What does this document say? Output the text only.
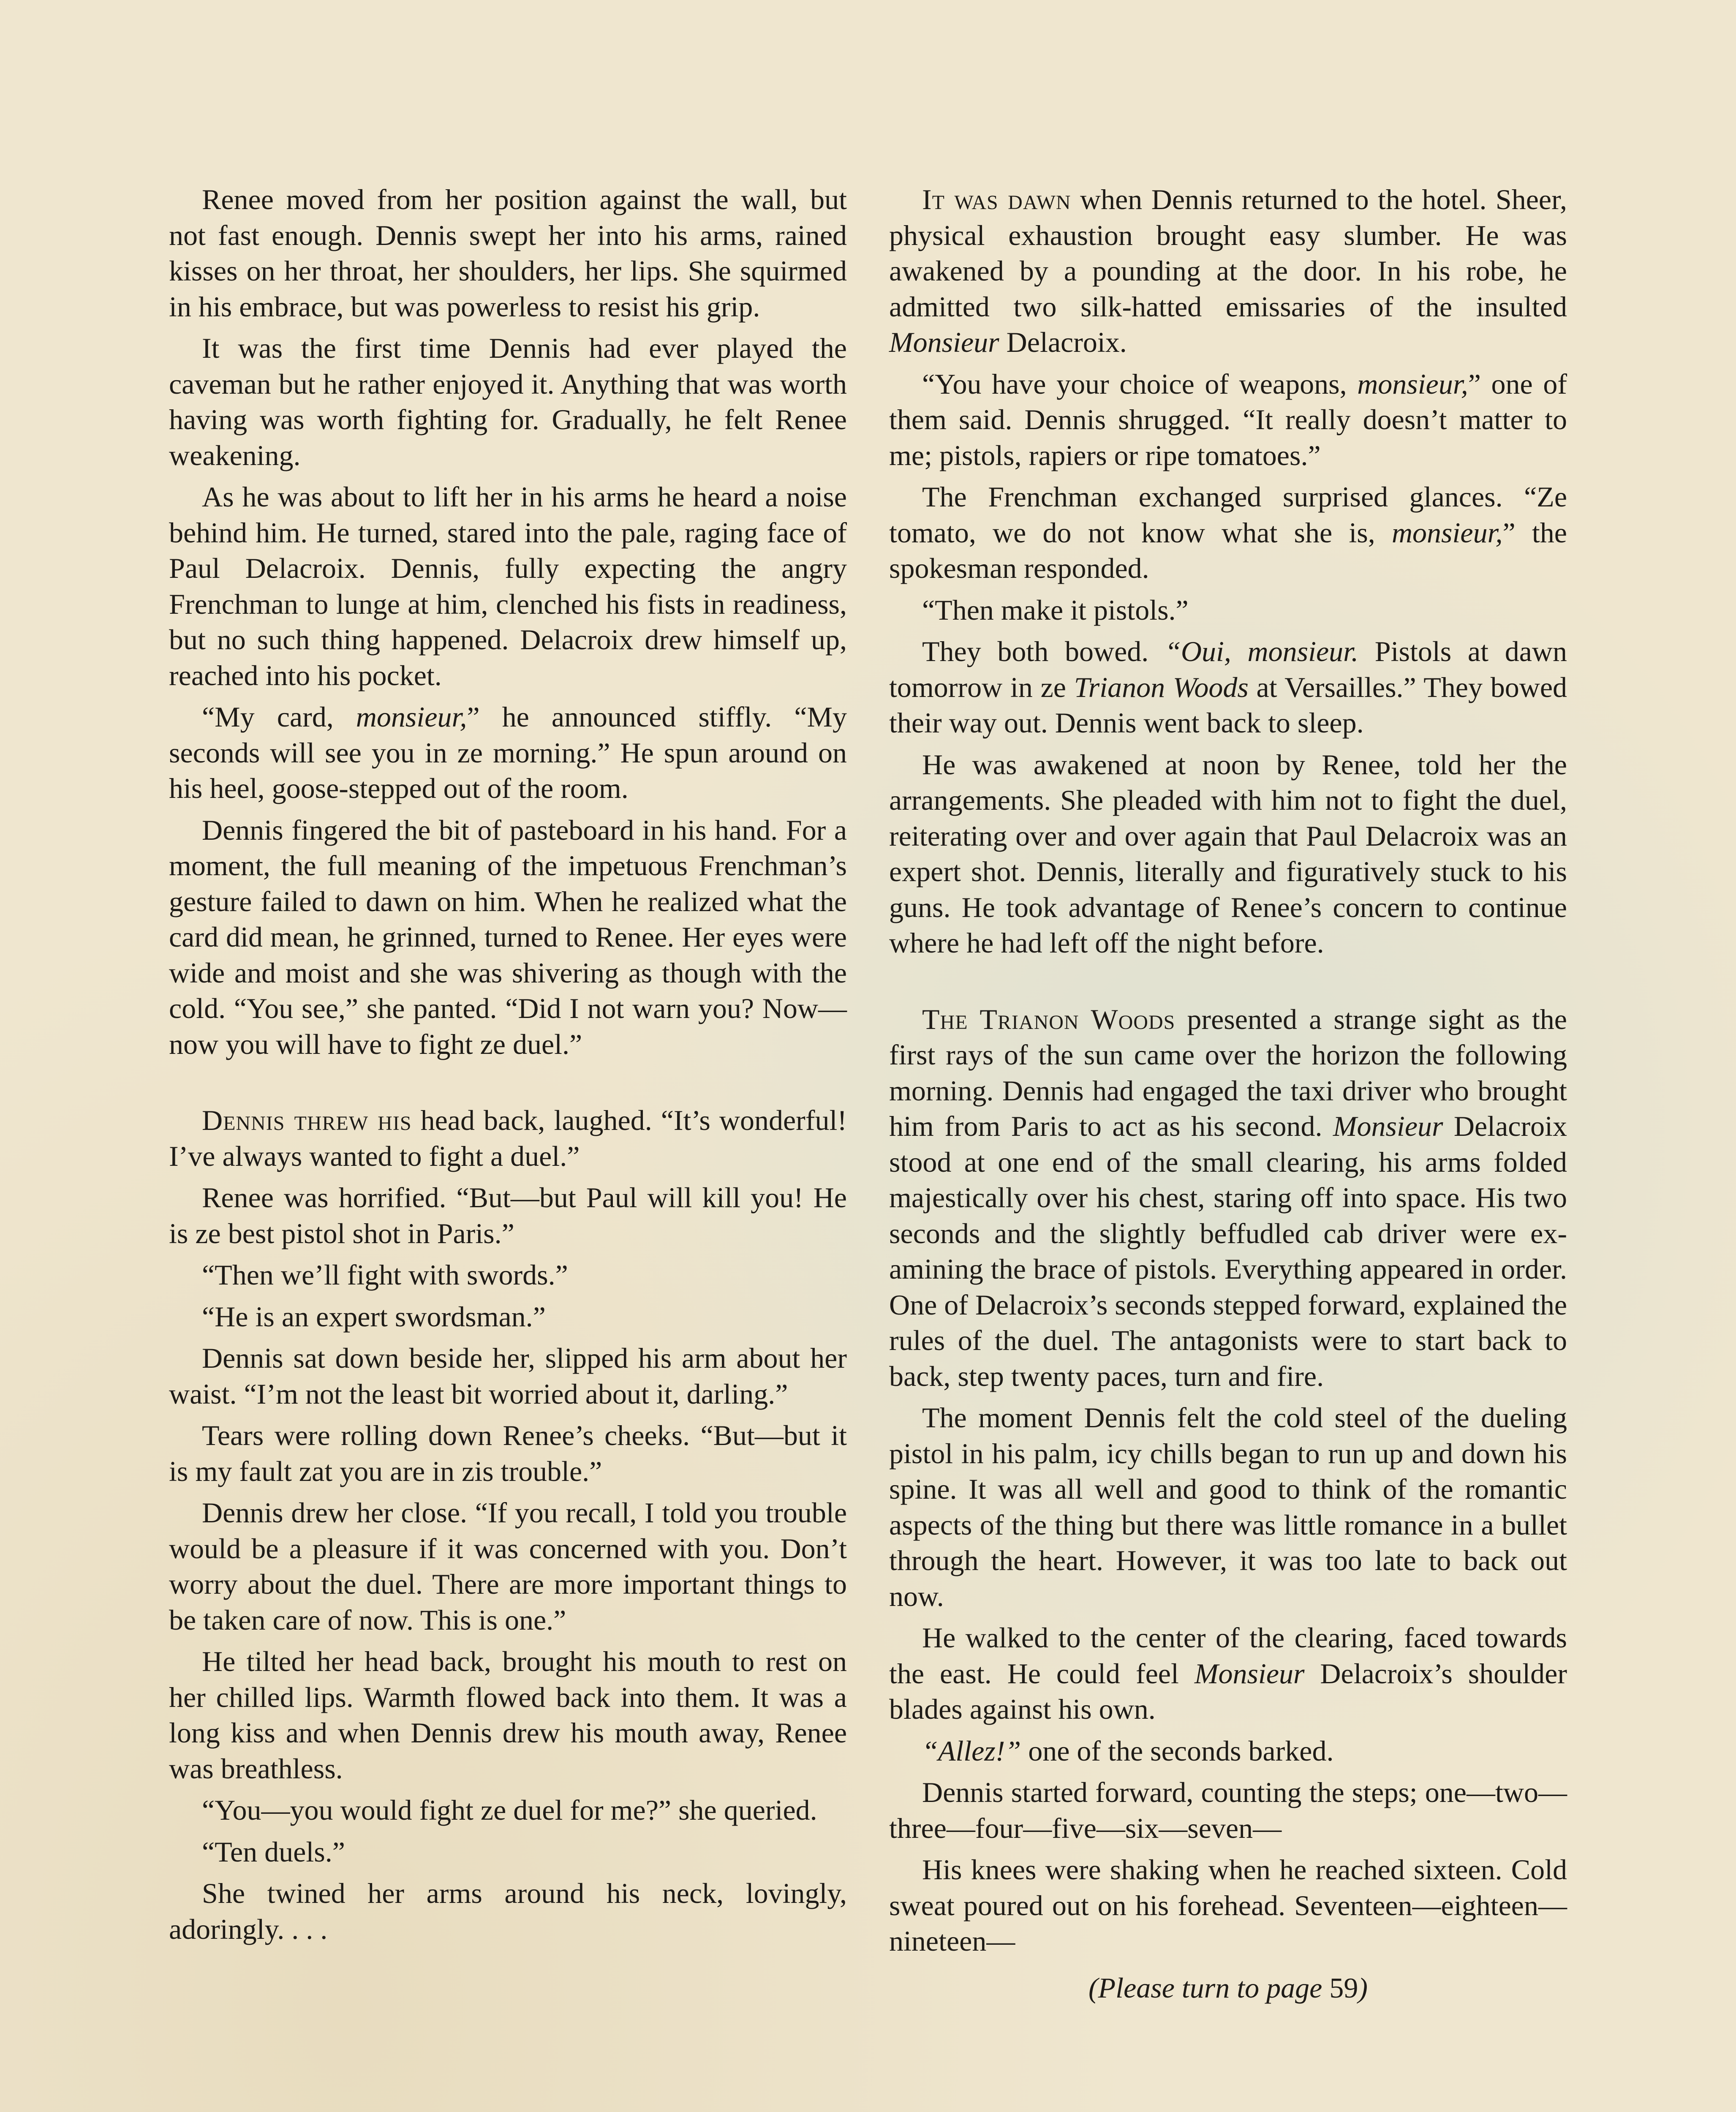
Renee moved from her position against the wall, but not fast enough. Dennis swept her into his arms, rained kisses on her throat, her shoulders, her lips. She squirmed in his embrace, but was powerless to resist his grip.

It was the first time Dennis had ever played the caveman but he rather enjoyed it. Anything that was worth having was worth fighting for. Gradually, he felt Renee weakening.

As he was about to lift her in his arms he heard a noise behind him. He turned, stared into the pale, raging face of Paul Delacroix. Dennis, fully expecting the angry Frenchman to lunge at him, clenched his fists in readiness, but no such thing happened. Delacroix drew himself up, reached into his pocket.

“My card, monsieur,” he announced stiffly. “My seconds will see you in ze morning.” He spun around on his heel, goose-stepped out of the room.

Dennis fingered the bit of pasteboard in his hand. For a moment, the full meaning of the impetuous Frenchman’s gesture failed to dawn on him. When he realized what the card did mean, he grinned, turned to Renee. Her eyes were wide and moist and she was shivering as though with the cold. “You see,” she panted. “Did I not warn you? Now—now you will have to fight ze duel.”

Dennis threw his head back, laughed. “It’s wonderful! I’ve always wanted to fight a duel.”

Renee was horrified. “But—but Paul will kill you! He is ze best pistol shot in Paris.”

“Then we’ll fight with swords.”

“He is an expert swordsman.”

Dennis sat down beside her, slipped his arm about her waist. “I’m not the least bit worried about it, darling.”

Tears were rolling down Renee’s cheeks. “But—but it is my fault zat you are in zis trouble.”

Dennis drew her close. “If you recall, I told you trouble would be a pleasure if it was concerned with you. Don’t worry about the duel. There are more important things to be taken care of now. This is one.”

He tilted her head back, brought his mouth to rest on her chilled lips. Warmth flowed back into them. It was a long kiss and when Dennis drew his mouth away, Renee was breathless.

“You—you would fight ze duel for me?” she queried.

“Ten duels.”

She twined her arms around his neck, lovingly, adoringly. . . .

It was dawn when Dennis returned to the hotel. Sheer, physical exhaustion brought easy slumber. He was awakened by a pounding at the door. In his robe, he admitted two silk-hatted emissaries of the insulted Monsieur Delacroix.

“You have your choice of weapons, monsieur,” one of them said. Dennis shrugged. “It really doesn’t matter to me; pistols, rapiers or ripe tomatoes.”

The Frenchman exchanged surprised glances. “Ze tomato, we do not know what she is, monsieur,” the spokesman responded.

“Then make it pistols.”

They both bowed. “Oui, monsieur. Pistols at dawn tomorrow in ze Trianon Woods at Versailles.” They bowed their way out. Dennis went back to sleep.

He was awakened at noon by Renee, told her the arrangements. She pleaded with him not to fight the duel, reiterating over and over again that Paul Delacroix was an expert shot. Dennis, literally and figuratively stuck to his guns. He took advantage of Renee’s concern to continue where he had left off the night before.

The Trianon Woods presented a strange sight as the first rays of the sun came over the horizon the following morning. Dennis had engaged the taxi driver who brought him from Paris to act as his second. Monsieur Delacroix stood at one end of the small clearing, his arms folded majestically over his chest, staring off into space. His two seconds and the slightly beffudled cab driver were examining the brace of pistols. Everything appeared in order. One of Delacroix’s seconds stepped forward, explained the rules of the duel. The antagonists were to start back to back, step twenty paces, turn and fire.

The moment Dennis felt the cold steel of the dueling pistol in his palm, icy chills began to run up and down his spine. It was all well and good to think of the romantic aspects of the thing but there was little romance in a bullet through the heart. However, it was too late to back out now.

He walked to the center of the clearing, faced towards the east. He could feel Monsieur Delacroix’s shoulder blades against his own.

“Allez!” one of the seconds barked.

Dennis started forward, counting the steps; one—two—three—four—five—six—seven—

His knees were shaking when he reached sixteen. Cold sweat poured out on his forehead. Seventeen—eighteen—nineteen—

(Please turn to page 59)
